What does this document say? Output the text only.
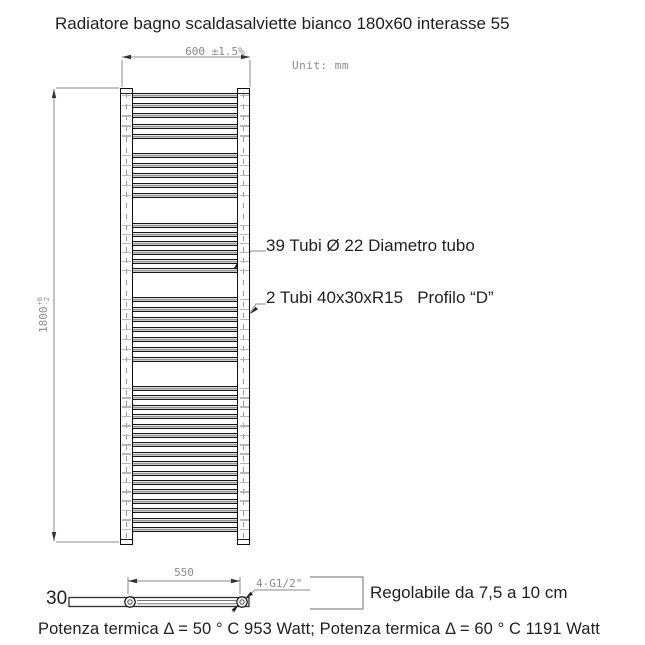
Radiatore bagno scaldasalviette bianco 180x60 interasse 55
600 ±1.5%
Unit: mm
1800
+6 -2
39 Tubi Ø 22 Diametro tubo
2 Tubi 40x30xR15   Profilo “D”
550
4-G1/2"
30	Regolabile da 7,5 a 10 cm
Potenza termica Δ = 50 ° C 953 Watt; Potenza termica Δ = 60 ° C 1191 Watt
